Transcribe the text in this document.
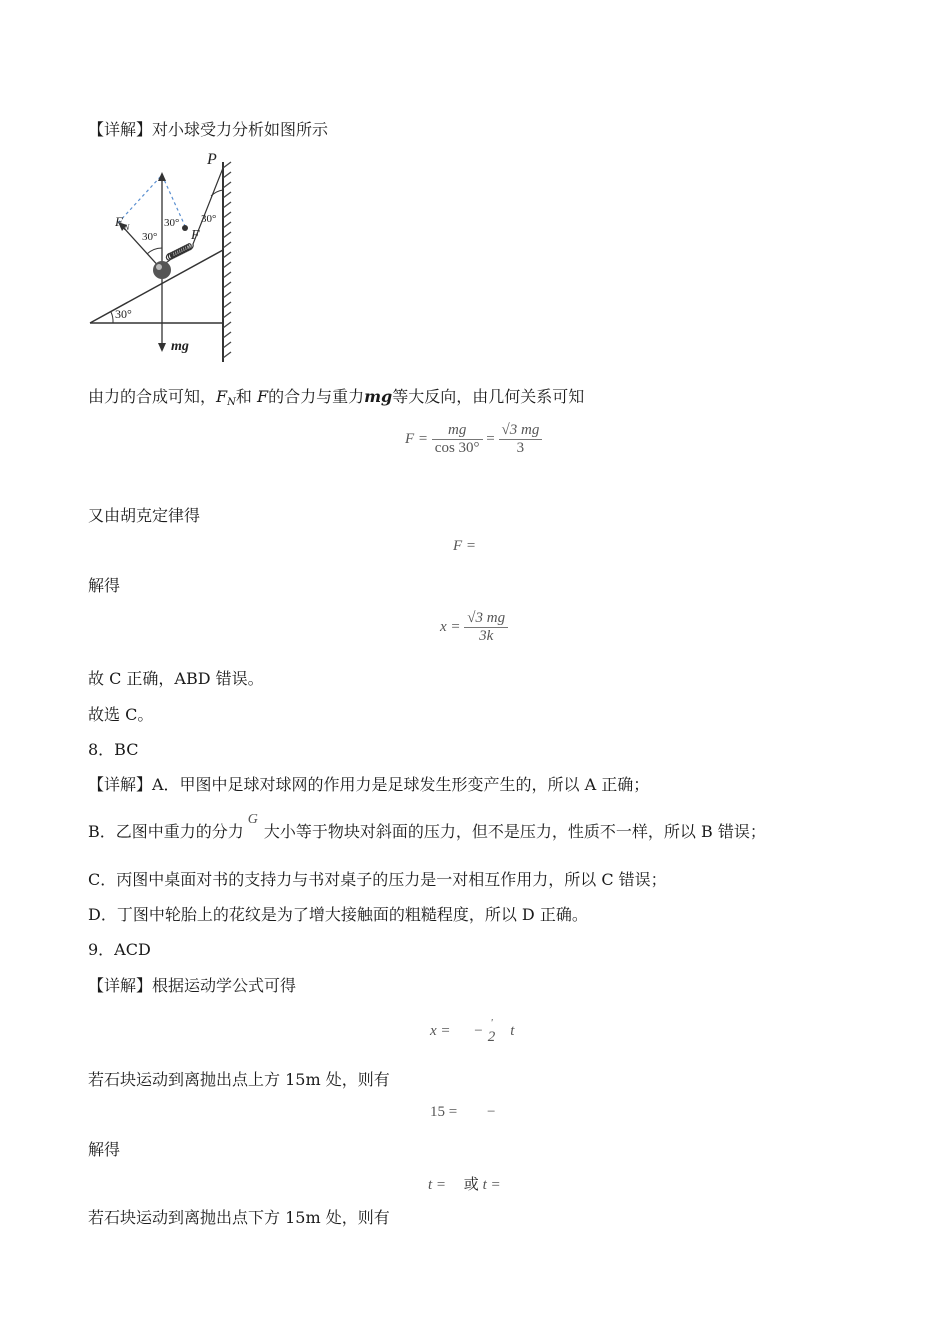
【详解】对小球受力分析如图所示
P
F N
F
30°
30° 30°
30°
mg
由力的合成可知，$F_N$和 F的合力与重力mg等大反向，由几何关系可知
$F = \frac{mg}{\cos 30^\circ} = \frac{√3 mg}{3}$
又由胡克定律得
F =
解得
$x = \frac{√3 mg}{3k}$
故 C 正确，ABD 错误。
故选 C。
8．BC
【详解】A．甲图中足球对球网的作用力是足球发生形变产生的，所以 A 正确；
B．乙图中重力的分力G大小等于物块对斜面的压力，但不是压力，性质不一样，所以 B 错误；
C．丙图中桌面对书的支持力与书对桌子的压力是一对相互作用力，所以 C 错误；
D．丁图中轮胎上的花纹是为了增大接触面的粗糙程度，所以 D 正确。
9．ACD
【详解】根据运动学公式可得
x = − '
2 t
若石块运动到离抛出点上方 15m 处，则有
15 = −
解得
t = 或 t =
若石块运动到离抛出点下方 15m 处，则有
